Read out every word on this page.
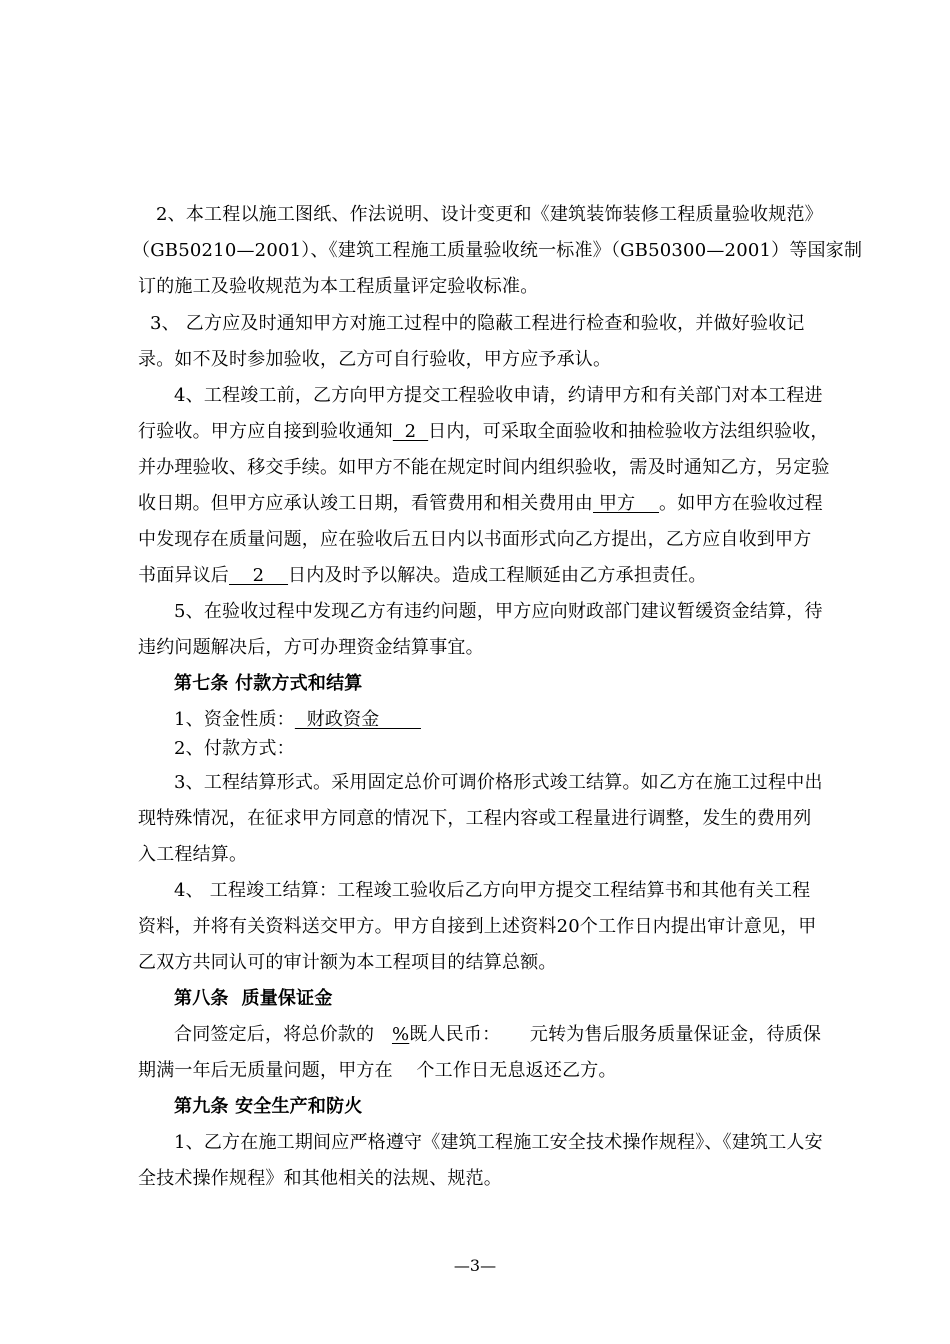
2、本工程以施工图纸、作法说明、设计变更和《建筑装饰装修工程质量验收规范》
（GB50210—2001）、《建筑工程施工质量验收统一标准》（GB50300—2001）等国家制
订的施工及验收规范为本工程质量评定验收标准。
3、 乙方应及时通知甲方对施工过程中的隐蔽工程进行检查和验收，并做好验收记
录。如不及时参加验收，乙方可自行验收，甲方应予承认。
4、工程竣工前，乙方向甲方提交工程验收申请，约请甲方和有关部门对本工程进
行验收。甲方应自接到验收通知  2  日内，可采取全面验收和抽检验收方法组织验收，
并办理验收、移交手续。如甲方不能在规定时间内组织验收，需及时通知乙方，另定验
收日期。但甲方应承认竣工日期，看管费用和相关费用由 甲方    。如甲方在验收过程
中发现存在质量问题，应在验收后五日内以书面形式向乙方提出，乙方应自收到甲方
书面异议后    2    日内及时予以解决。造成工程顺延由乙方承担责任。
5、在验收过程中发现乙方有违约问题，甲方应向财政部门建议暂缓资金结算，待
违约问题解决后，方可办理资金结算事宜。
第七条 付款方式和结算
1、资金性质：  财政资金
2、付款方式：
3、工程结算形式。采用固定总价可调价格形式竣工结算。如乙方在施工过程中出
现特殊情况，在征求甲方同意的情况下，工程内容或工程量进行调整，发生的费用列
入工程结算。
4、 工程竣工结算：工程竣工验收后乙方向甲方提交工程结算书和其他有关工程
资料，并将有关资料送交甲方。甲方自接到上述资料20个工作日内提出审计意见，甲
乙双方共同认可的审计额为本工程项目的结算总额。
第八条  质量保证金
合同签定后，将总价款的   %既人民币：     元转为售后服务质量保证金，待质保
期满一年后无质量问题，甲方在    个工作日无息返还乙方。
第九条 安全生产和防火
1、乙方在施工期间应严格遵守《建筑工程施工安全技术操作规程》、《建筑工人安
全技术操作规程》和其他相关的法规、规范。
—3—
